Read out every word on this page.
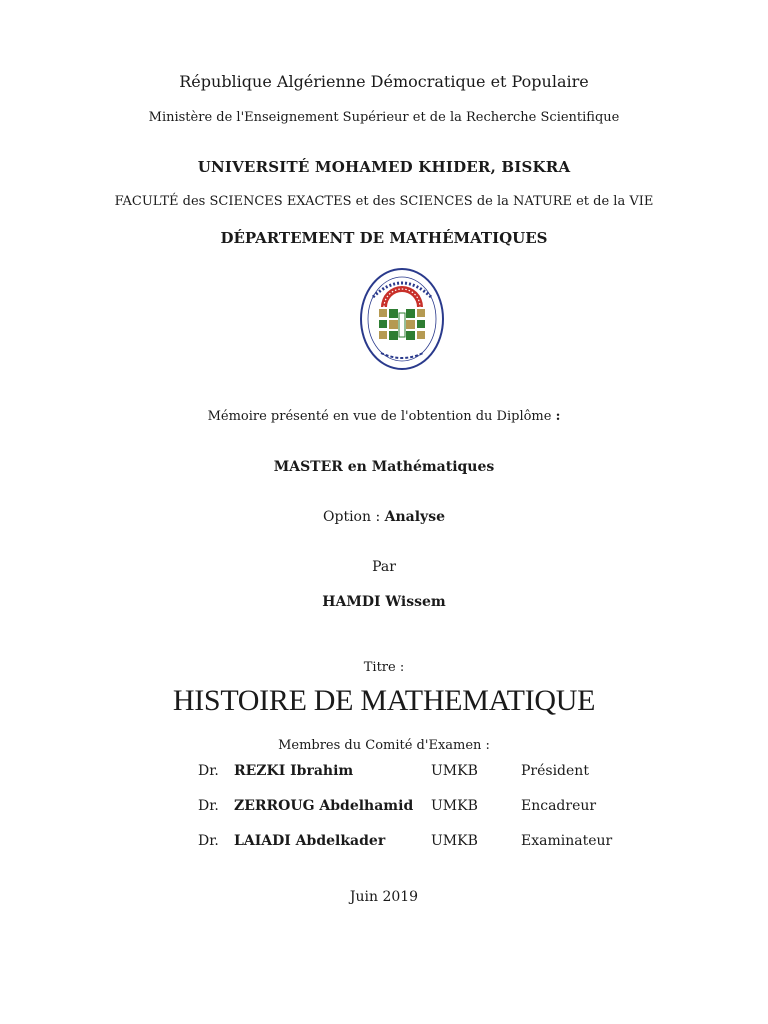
République Algérienne Démocratique et Populaire
Ministère de l'Enseignement Supérieur et de la Recherche Scientifique
UNIVERSITÉ MOHAMED KHIDER, BISKRA
FACULTÉ des SCIENCES EXACTES et des SCIENCES de la NATURE et de la VIE
DÉPARTEMENT DE MATHÉMATIQUES
Mémoire présenté en vue de l'obtention du Diplôme :
MASTER en Mathématiques
Option : Analyse
Par
HAMDI Wissem
Titre :
HISTOIRE DE MATHEMATIQUE
Membres du Comité d'Examen :
Dr.	REZKI Ibrahim	UMKB	Président
Dr.	ZERROUG Abdelhamid	UMKB	Encadreur
Dr.	LAIADI Abdelkader	UMKB	Examinateur
Juin 2019
